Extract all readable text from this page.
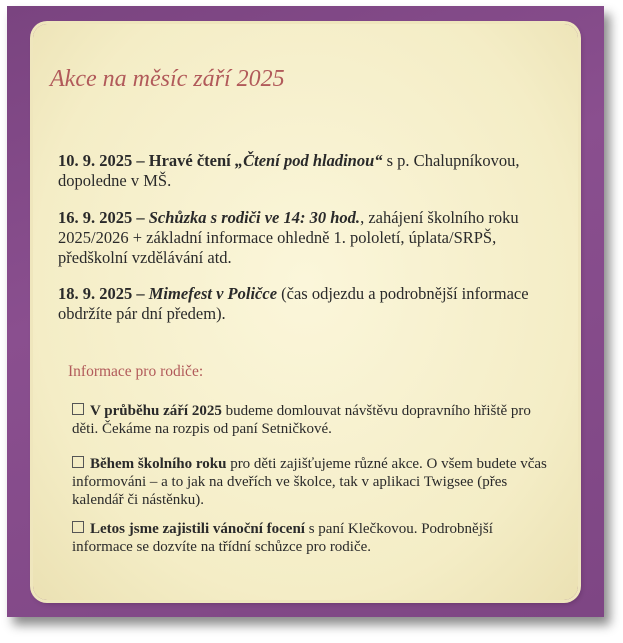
Akce na měsíc září 2025
10. 9. 2025 – Hravé čtení „Čtení pod hladinou“ s p. Chalupníkovou, dopoledne v MŠ.
16. 9. 2025 – Schůzka s rodiči ve 14: 30 hod., zahájení školního roku 2025/2026 + základní informace ohledně 1. pololetí, úplata/SRPŠ, předškolní vzdělávání atd.
18. 9. 2025 – Mimefest v Poličce (čas odjezdu a podrobnější informace obdržíte pár dní předem).
Informace pro rodiče:
V průběhu září 2025 budeme domlouvat návštěvu dopravního hřiště pro děti. Čekáme na rozpis od paní Setničkové.
Během školního roku pro děti zajišťujeme různé akce. O všem budete včas informováni – a to jak na dveřích ve školce, tak v aplikaci Twigsee (přes kalendář či nástěnku).
Letos jsme zajistili vánoční focení s paní Klečkovou. Podrobnější informace se dozvíte na třídní schůzce pro rodiče.
